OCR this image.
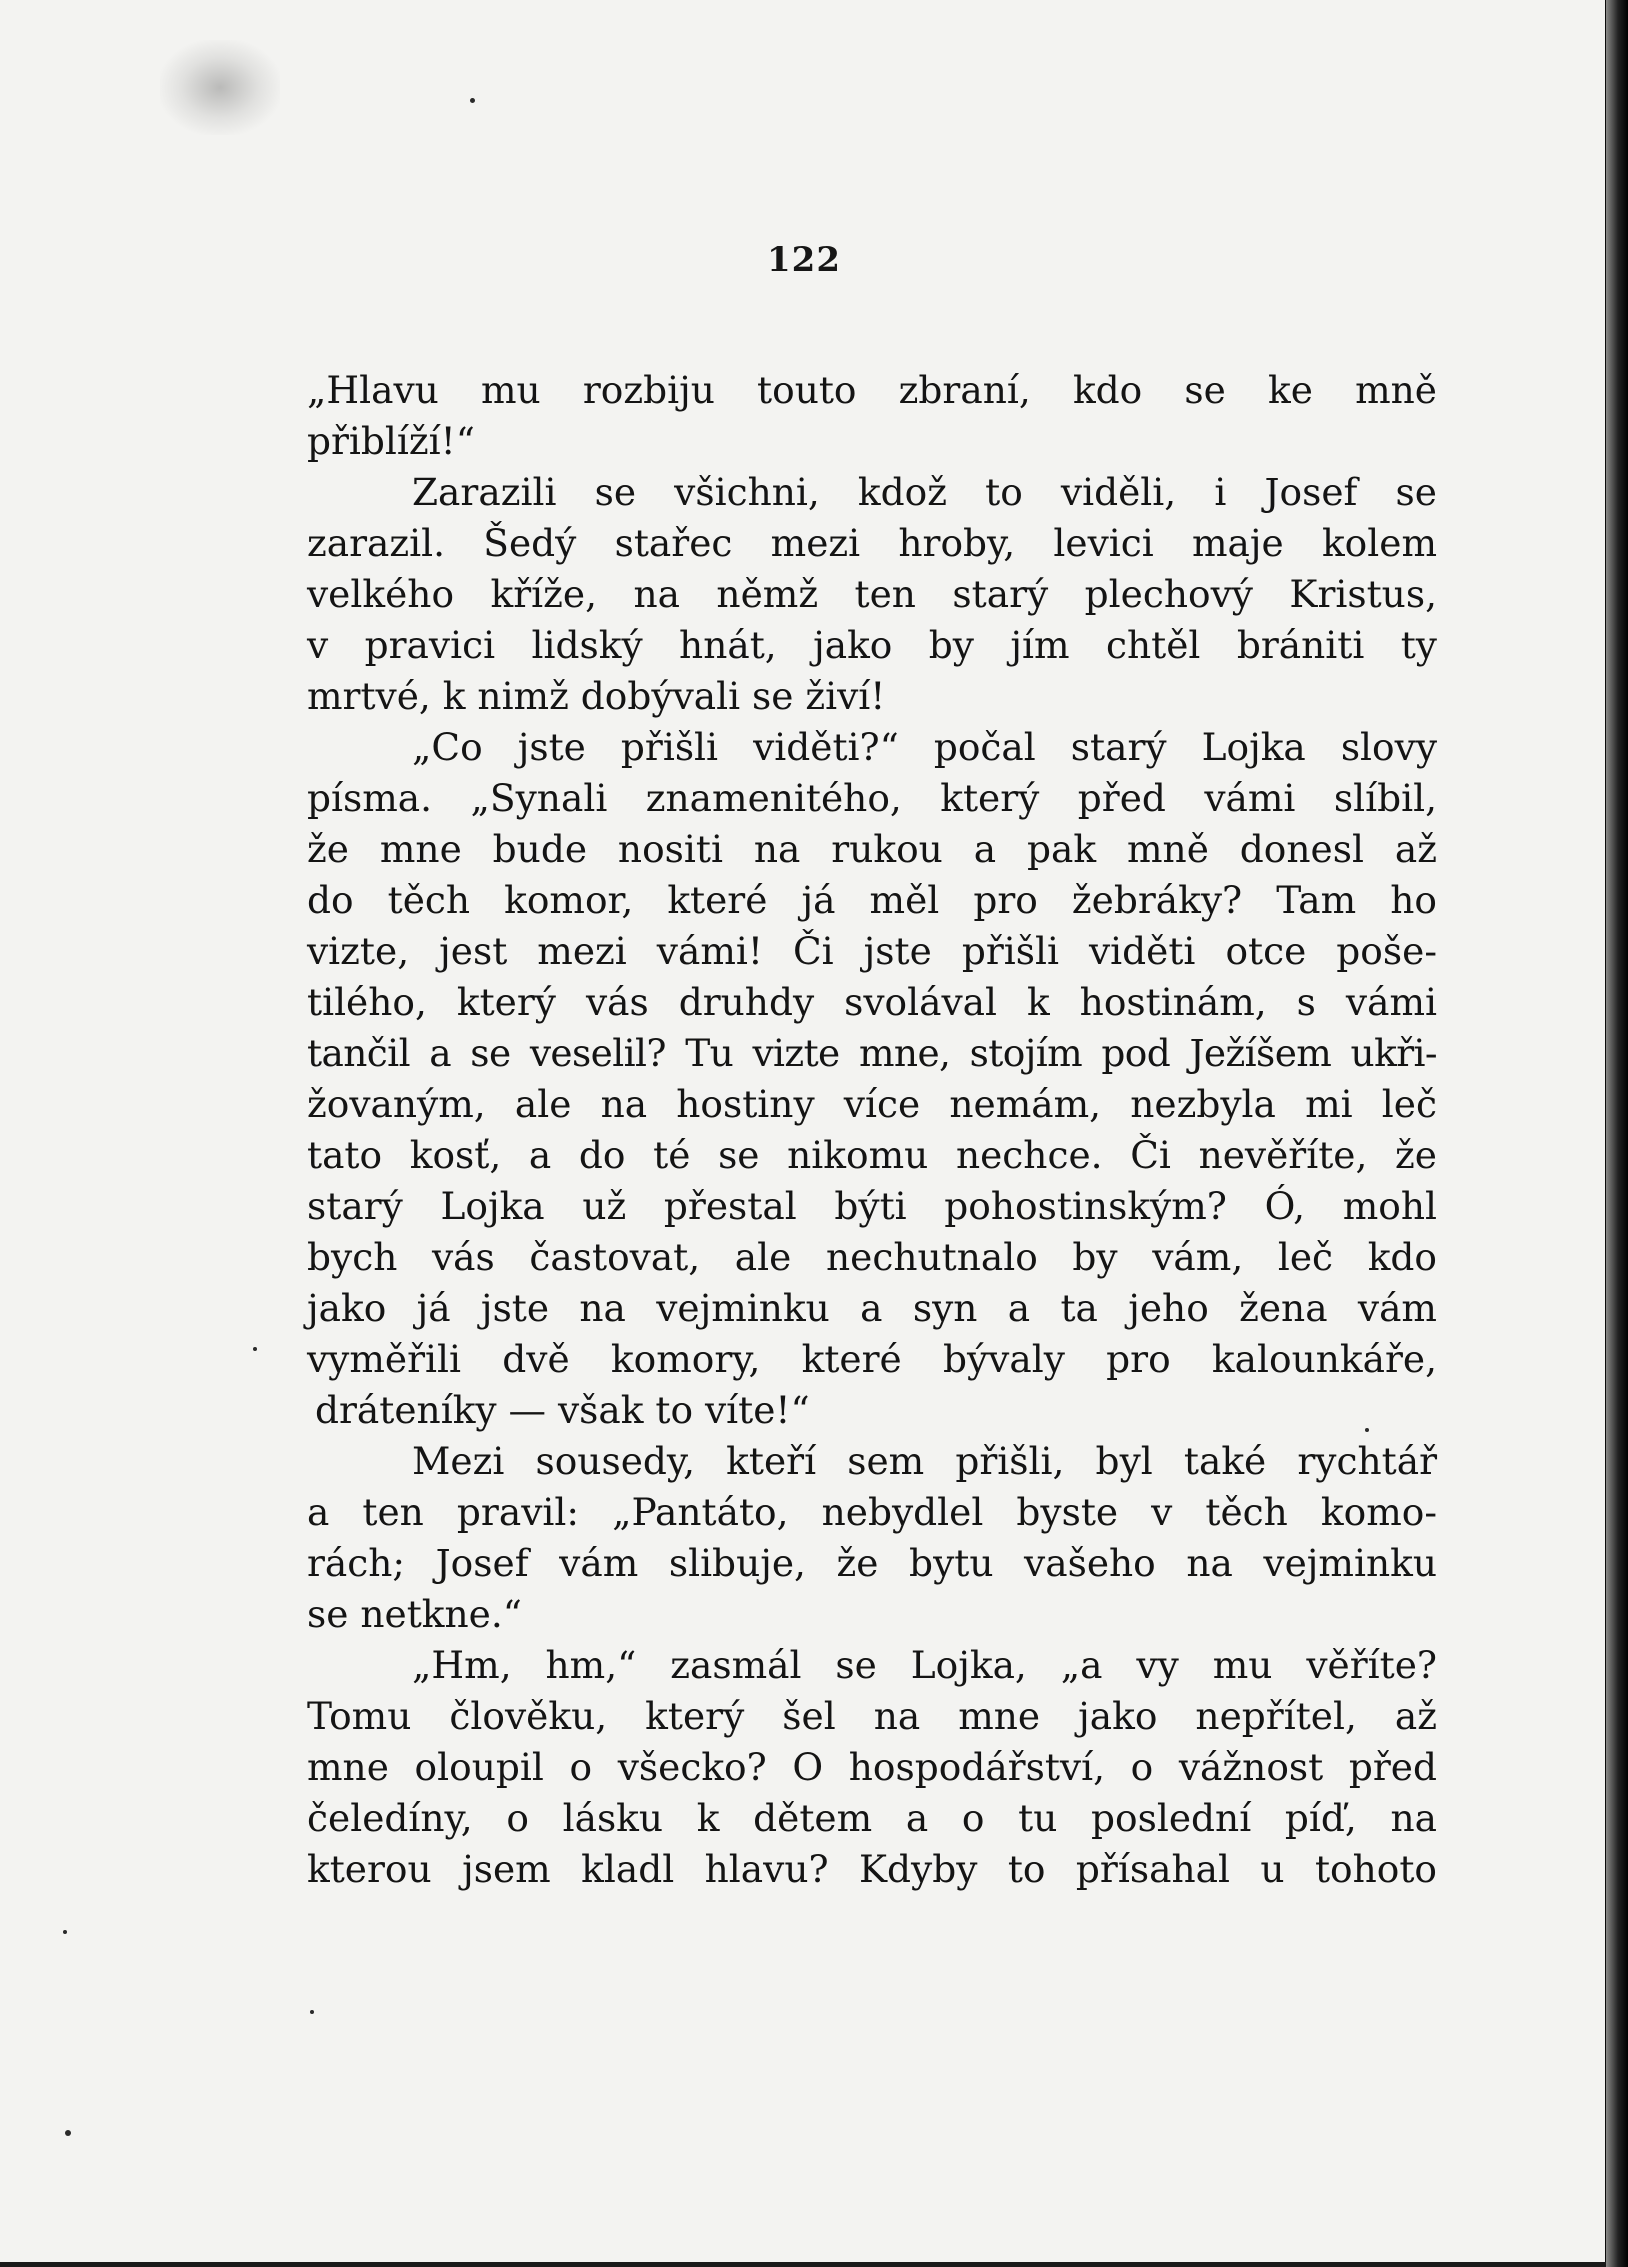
122
„Hlavu mu rozbiju touto zbraní, kdo se ke mně
přiblíží!“
Zarazili se všichni, kdož to viděli, i Josef se
zarazil. Šedý stařec mezi hroby, levici maje kolem
velkého kříže, na němž ten starý plechový Kristus,
v pravici lidský hnát, jako by jím chtěl brániti ty
mrtvé, k nimž dobývali se živí!
„Co jste přišli viděti?“ počal starý Lojka slovy
písma. „Synali znamenitého, který před vámi slíbil,
že mne bude nositi na rukou a pak mně donesl až
do těch komor, které já měl pro žebráky? Tam ho
vizte, jest mezi vámi! Či jste přišli viděti otce poše-
tilého, který vás druhdy svolával k hostinám, s vámi
tančil a se veselil? Tu vizte mne, stojím pod Ježíšem ukři-
žovaným, ale na hostiny více nemám, nezbyla mi leč
tato kosť, a do té se nikomu nechce. Či nevěříte, že
starý Lojka už přestal býti pohostinským? Ó, mohl
bych vás častovat, ale nechutnalo by vám, leč kdo
jako já jste na vejminku a syn a ta jeho žena vám
vyměřili dvě komory, které bývaly pro kalounkáře,
dráteníky — však to víte!“
Mezi sousedy, kteří sem přišli, byl také rychtář
a ten pravil: „Pantáto, nebydlel byste v těch komo-
rách; Josef vám slibuje, že bytu vašeho na vejminku
se netkne.“
„Hm, hm,“ zasmál se Lojka, „a vy mu věříte?
Tomu člověku, který šel na mne jako nepřítel, až
mne oloupil o všecko? O hospodářství, o vážnost před
čeledíny, o lásku k dětem a o tu poslední píď, na
kterou jsem kladl hlavu? Kdyby to přísahal u tohoto
